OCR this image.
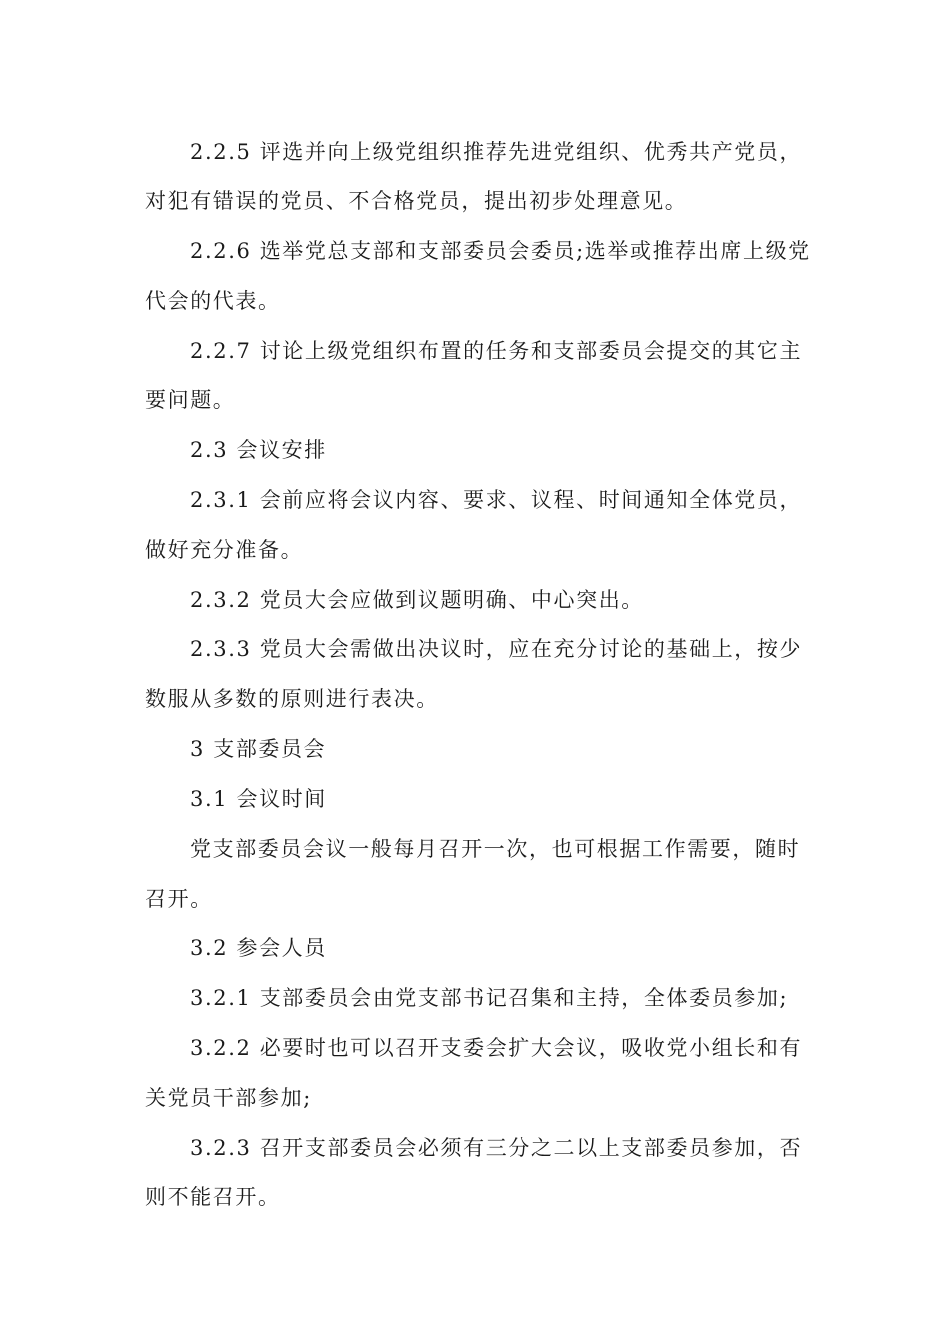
2.2.5 评选并向上级党组织推荐先进党组织、优秀共产党员，
对犯有错误的党员、不合格党员，提出初步处理意见。
2.2.6 选举党总支部和支部委员会委员;选举或推荐出席上级党
代会的代表。
2.2.7 讨论上级党组织布置的任务和支部委员会提交的其它主
要问题。
2.3 会议安排
2.3.1 会前应将会议内容、要求、议程、时间通知全体党员，
做好充分准备。
2.3.2 党员大会应做到议题明确、中心突出。
2.3.3 党员大会需做出决议时，应在充分讨论的基础上，按少
数服从多数的原则进行表决。
3 支部委员会
3.1 会议时间
党支部委员会议一般每月召开一次，也可根据工作需要，随时
召开。
3.2 参会人员
3.2.1 支部委员会由党支部书记召集和主持，全体委员参加;
3.2.2 必要时也可以召开支委会扩大会议，吸收党小组长和有
关党员干部参加;
3.2.3 召开支部委员会必须有三分之二以上支部委员参加，否
则不能召开。
